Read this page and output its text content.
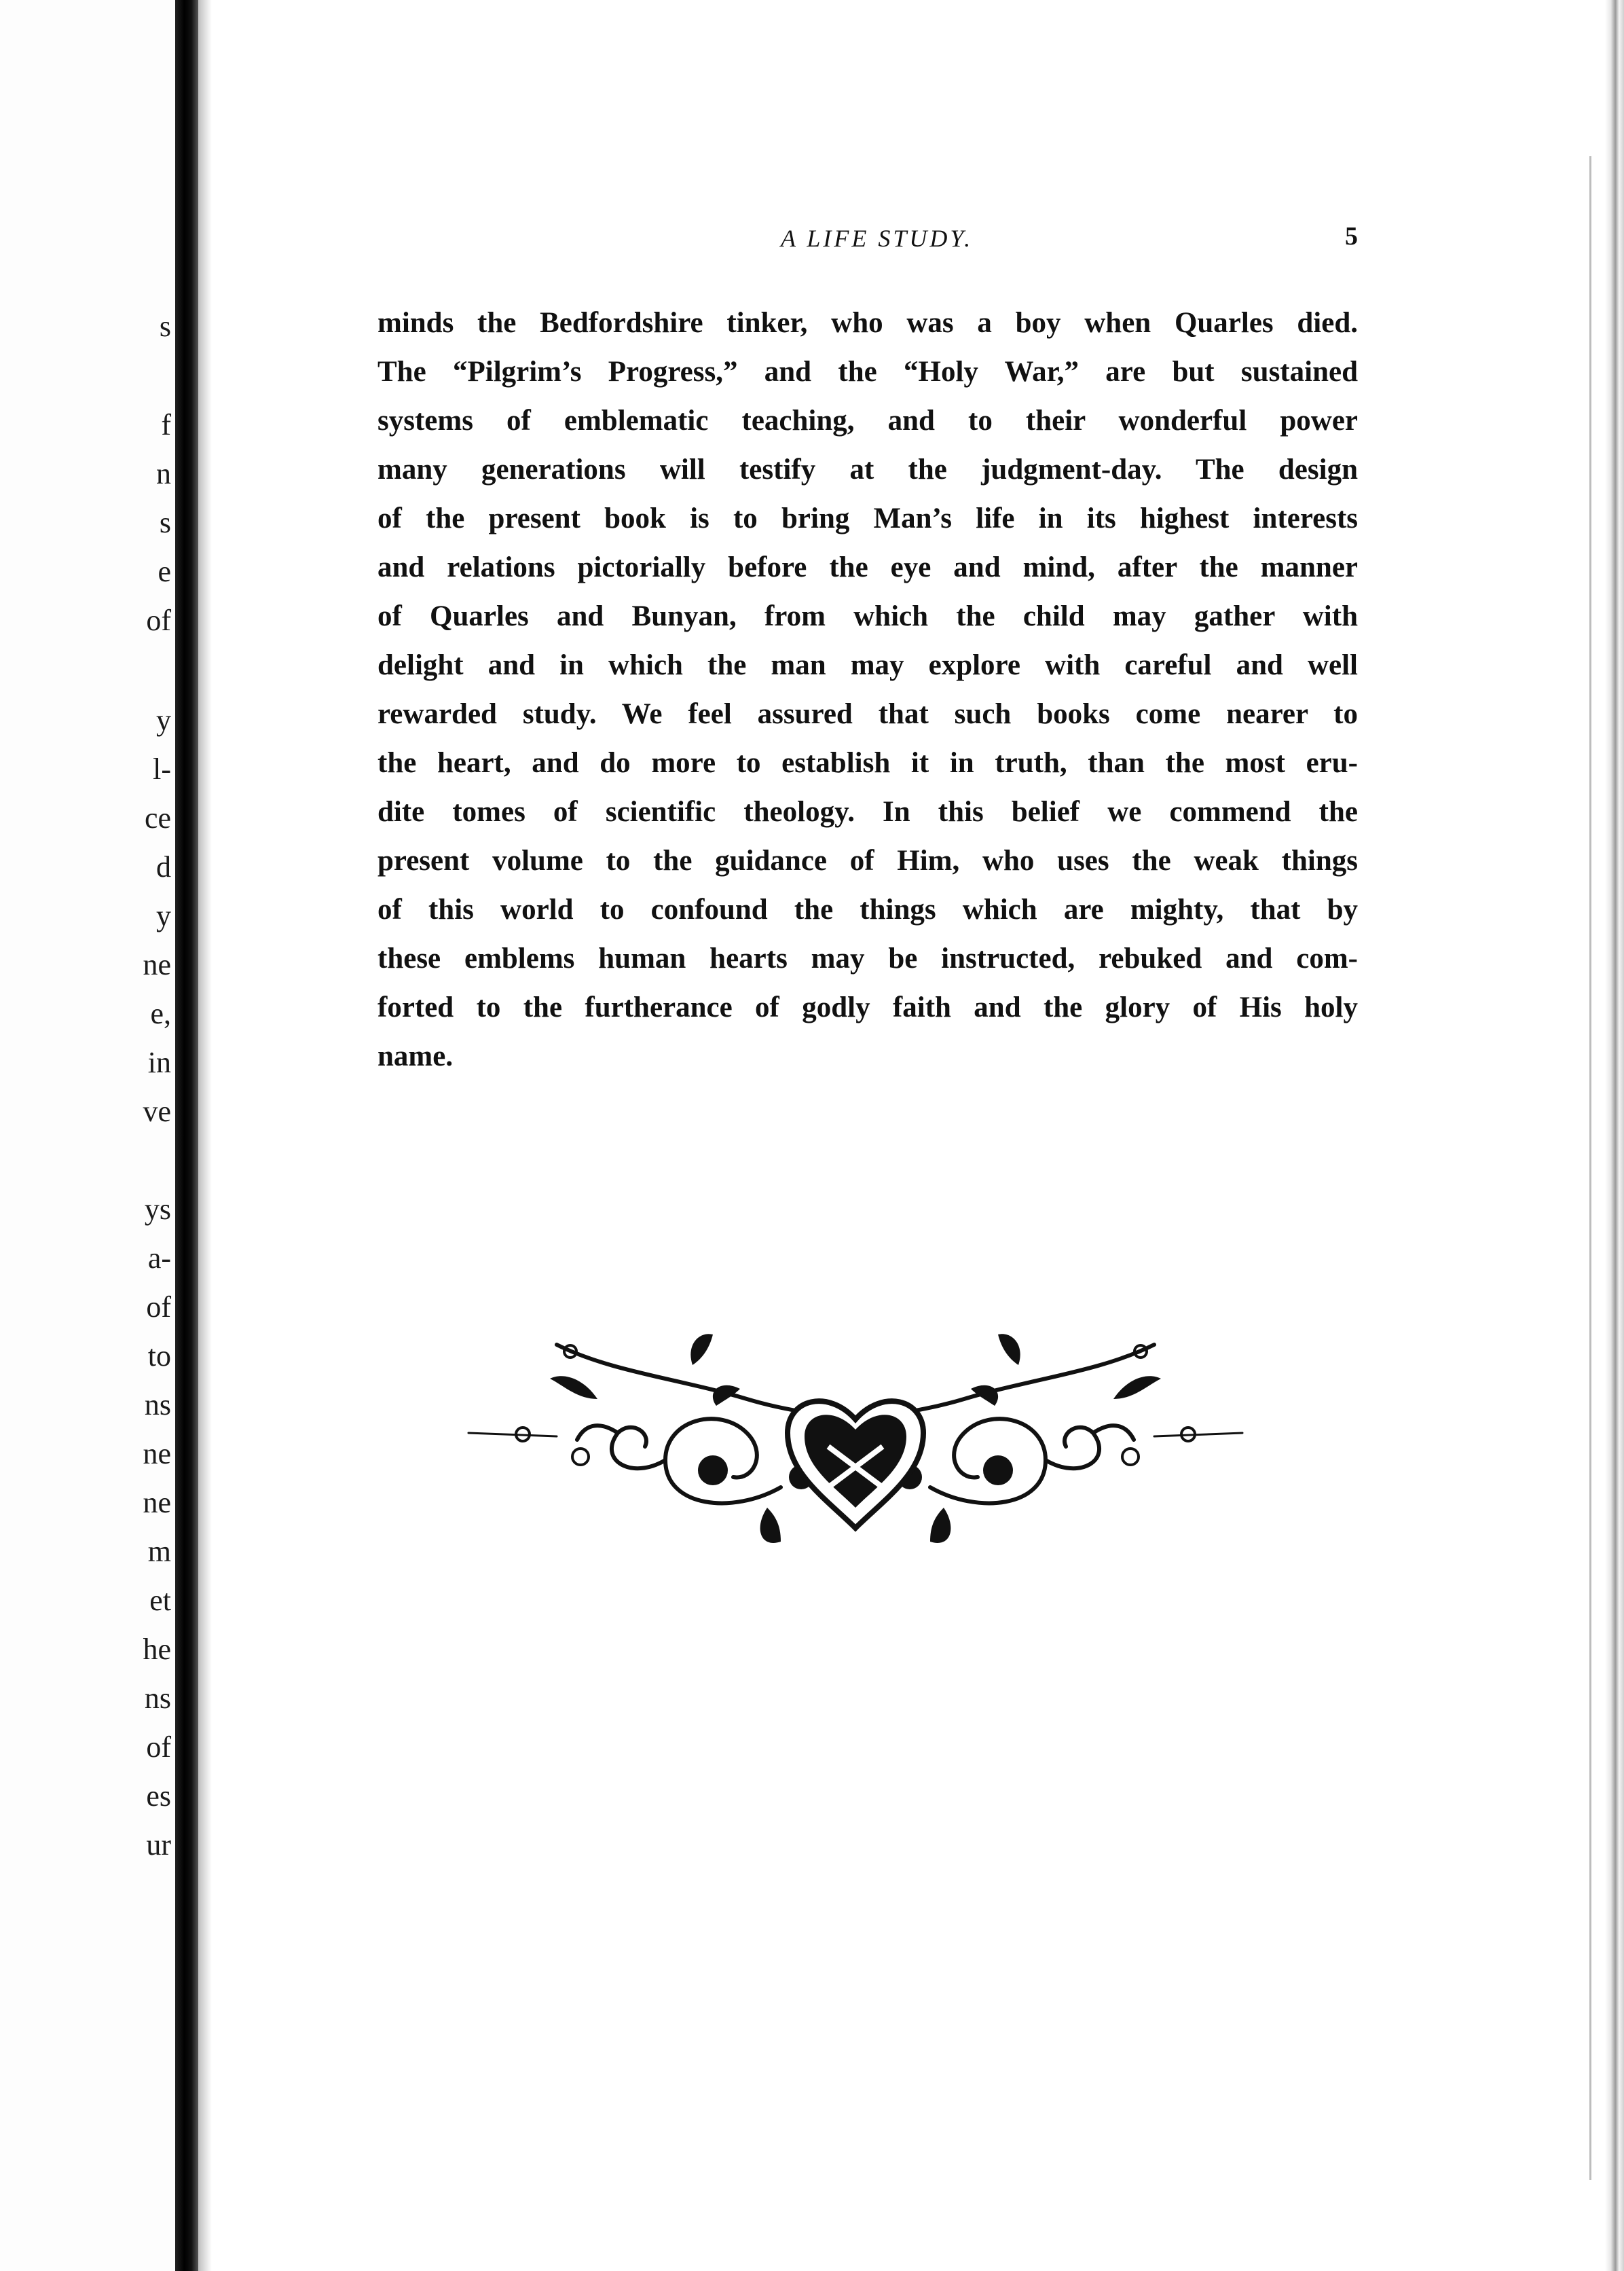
s
f
n
s
e
of
y
l-
ce
d
y
ne
e,
in
ve
ys
a-
of
to
ns
ne
ne
m
et
he
ns
of
es
ur
A LIFE STUDY.	5
minds the Bedfordshire tinker, who was a boy when Quarles died.
The “Pilgrim’s Progress,” and the “Holy War,” are but sustained
systems of emblematic teaching, and to their wonderful power
many generations will testify at the judgment-day. The design
of the present book is to bring Man’s life in its highest interests
and relations pictorially before the eye and mind, after the manner
of Quarles and Bunyan, from which the child may gather with
delight and in which the man may explore with careful and well
rewarded study. We feel assured that such books come nearer to
the heart, and do more to establish it in truth, than the most eru-
dite tomes of scientific theology. In this belief we commend the
present volume to the guidance of Him, who uses the weak things
of this world to confound the things which are mighty, that by
these emblems human hearts may be instructed, rebuked and com-
forted to the furtherance of godly faith and the glory of His holy
name.
